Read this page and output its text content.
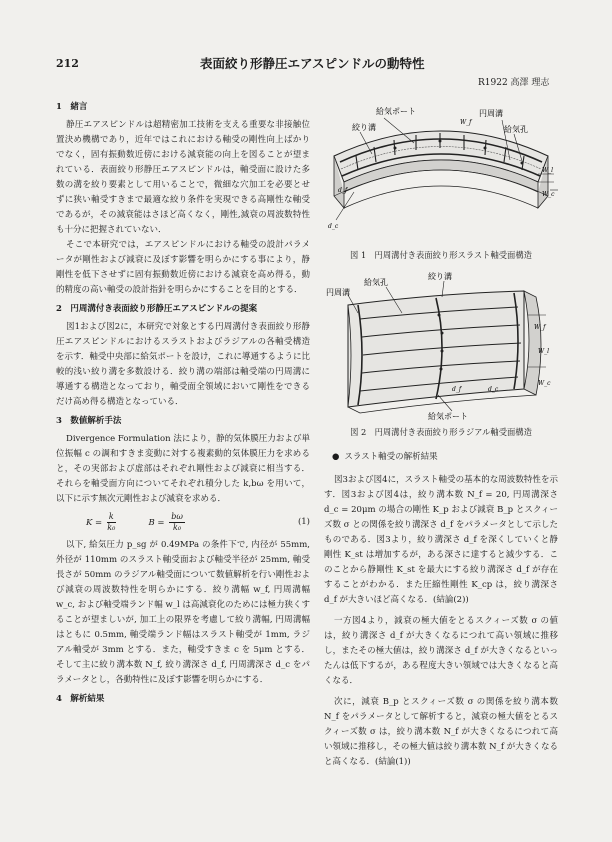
212	表面絞り形静圧エアスピンドルの動特性
R1922 高澤 理志
1　緒言

静圧エアスピンドルは超精密加工技術を支える重要な非接触位置決め機構であり，近年ではこれにおける軸受の剛性向上ばかりでなく，固有振動数近傍における減衰能の向上を図ることが望まれている．表面絞り形静圧エアスピンドルは，軸受面に設けた多数の溝を絞り要素として用いることで，微細な穴加工を必要とせずに狭い軸受すきまで最適な絞り条件を実現できる高剛性な軸受であるが，その減衰能はさほど高くなく，剛性,減衰の周波数特性も十分に把握されていない．

そこで本研究では，エアスピンドルにおける軸受の設計パラメータが剛性および減衰に及ぼす影響を明らかにする事により，静剛性を低下させずに固有振動数近傍における減衰を高め得る，動的精度の高い軸受の設計指針を明らかにすることを目的とする．

2　円周溝付き表面絞り形静圧エアスピンドルの提案

図1および図2に，本研究で対象とする円周溝付き表面絞り形静圧エアスピンドルにおけるスラストおよびラジアルの各軸受構造を示す．軸受中央部に給気ポートを設け，これに導通するように比較的浅い絞り溝を多数設ける．絞り溝の端部は軸受端の円周溝に導通する構造となっており，軸受面全領域において剛性をできるだけ高め得る構造となっている．

3　数値解析手法

Divergence Formulation 法により，静的気体膜圧力および単位振幅 c の調和すきま変動に対する複素動的気体膜圧力を求めると，その実部および虚部はそれぞれ剛性および減衰に相当する．それらを軸受面方向についてそれぞれ積分した k,bω を用いて，以下に示す無次元剛性および減衰を求める．

$K = \frac{k}{\text{k₀}}$	$B = \frac{b\omega}{\text{k₀}}$	(1)

以下, 給気圧力 p_sg が 0.49MPa の条件下で, 内径が 55mm, 外径が 110mm のスラスト軸受面および軸受半径が 25mm, 軸受長さが 50mm のラジアル軸受面について数値解析を行い剛性および減衰の周波数特性を明らかにする．絞り溝幅 w_f, 円周溝幅 w_c, および軸受端ランド幅 w_l は高減衰化のためには極力狭くすることが望ましいが, 加工上の限界を考慮して絞り溝幅, 円周溝幅はともに 0.5mm, 軸受端ランド幅はスラスト軸受が 1mm, ラジアル軸受が 3mm とする．また，軸受すきま c を 5μm とする．そして主に絞り溝本数 N_f, 絞り溝深さ d_f, 円周溝深さ d_c をパラメータとし，各動特性に及ぼす影響を明らかにする．

4　解析結果
給気ポート
絞り溝
円周溝
給気孔
W_f
W_l
W_c
d_f
d_c
図 1　円周溝付き表面絞り形スラスト軸受面構造
給気孔
絞り溝
円周溝
給気ポート
W_f
W_l
W_c
d_f	d_c
図 2　円周溝付き表面絞り形ラジアル軸受面構造
● スラスト軸受の解析結果

図3および図4に，スラスト軸受の基本的な周波数特性を示す．図3および図4は，絞り溝本数 N_f = 20, 円周溝深さ d_c = 20μm の場合の剛性 K_p および減衰 B_p とスクィーズ数 σ との関係を絞り溝深さ d_f をパラメータとして示したものである．図3より，絞り溝深さ d_f を深くしていくと静剛性 K_st は増加するが，ある深さに達すると減少する．このことから静剛性 K_st を最大にする絞り溝深さ d_f が存在することがわかる．また圧縮性剛性 K_cp は，絞り溝深さ d_f が大きいほど高くなる．(結論(2))

一方図4より，減衰の極大値をとるスクィーズ数 σ の値は，絞り溝深さ d_f が大きくなるにつれて高い領域に推移し，またその極大値は，絞り溝深さ d_f が大きくなるといったんは低下するが，ある程度大きい領域では大きくなると高くなる．

次に，減衰 B_p とスクィーズ数 σ の関係を絞り溝本数 N_f をパラメータとして解析すると，減衰の極大値をとるスクィーズ数 σ は，絞り溝本数 N_f が大きくなるにつれて高い領域に推移し，その極大値は絞り溝本数 N_f が大きくなると高くなる．(結論(1))
